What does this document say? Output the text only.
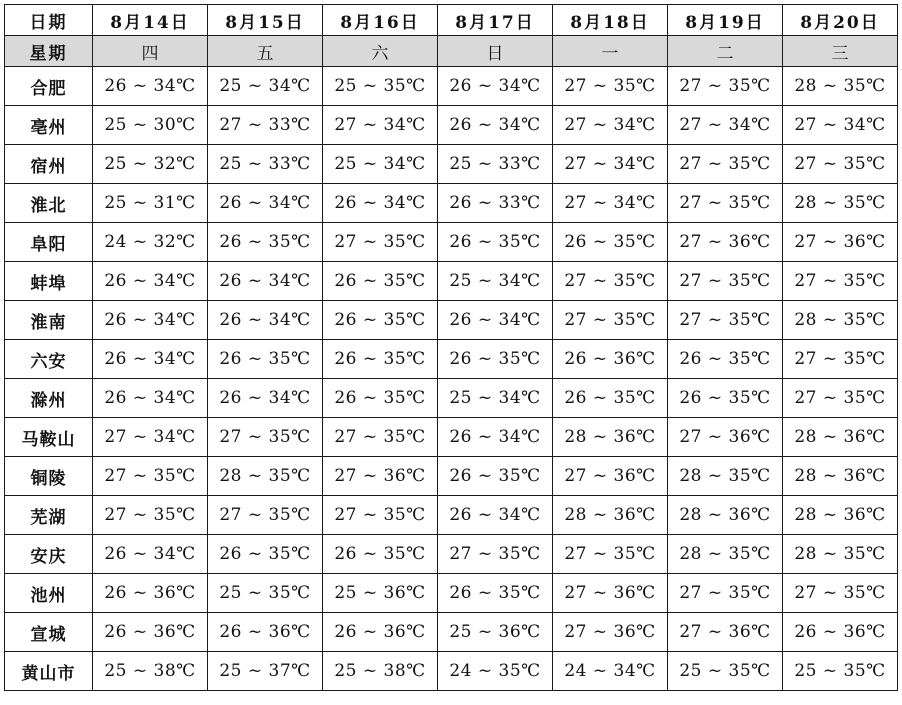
日期	8月14日	8月15日	8月16日	8月17日	8月18日	8月19日	8月20日
星期	四	五	六	日	一	二	三
合肥	26 ~ 34℃	25 ~ 34℃	25 ~ 35℃	26 ~ 34℃	27 ~ 35℃	27 ~ 35℃	28 ~ 35℃
亳州	25 ~ 30℃	27 ~ 33℃	27 ~ 34℃	26 ~ 34℃	27 ~ 34℃	27 ~ 34℃	27 ~ 34℃
宿州	25 ~ 32℃	25 ~ 33℃	25 ~ 34℃	25 ~ 33℃	27 ~ 34℃	27 ~ 35℃	27 ~ 35℃
淮北	25 ~ 31℃	26 ~ 34℃	26 ~ 34℃	26 ~ 33℃	27 ~ 34℃	27 ~ 35℃	28 ~ 35℃
阜阳	24 ~ 32℃	26 ~ 35℃	27 ~ 35℃	26 ~ 35℃	26 ~ 35℃	27 ~ 36℃	27 ~ 36℃
蚌埠	26 ~ 34℃	26 ~ 34℃	26 ~ 35℃	25 ~ 34℃	27 ~ 35℃	27 ~ 35℃	27 ~ 35℃
淮南	26 ~ 34℃	26 ~ 34℃	26 ~ 35℃	26 ~ 34℃	27 ~ 35℃	27 ~ 35℃	28 ~ 35℃
六安	26 ~ 34℃	26 ~ 35℃	26 ~ 35℃	26 ~ 35℃	26 ~ 36℃	26 ~ 35℃	27 ~ 35℃
滁州	26 ~ 34℃	26 ~ 34℃	26 ~ 35℃	25 ~ 34℃	26 ~ 35℃	26 ~ 35℃	27 ~ 35℃
马鞍山	27 ~ 34℃	27 ~ 35℃	27 ~ 35℃	26 ~ 34℃	28 ~ 36℃	27 ~ 36℃	28 ~ 36℃
铜陵	27 ~ 35℃	28 ~ 35℃	27 ~ 36℃	26 ~ 35℃	27 ~ 36℃	28 ~ 35℃	28 ~ 36℃
芜湖	27 ~ 35℃	27 ~ 35℃	27 ~ 35℃	26 ~ 34℃	28 ~ 36℃	28 ~ 36℃	28 ~ 36℃
安庆	26 ~ 34℃	26 ~ 35℃	26 ~ 35℃	27 ~ 35℃	27 ~ 35℃	28 ~ 35℃	28 ~ 35℃
池州	26 ~ 36℃	25 ~ 35℃	25 ~ 36℃	26 ~ 35℃	27 ~ 36℃	27 ~ 35℃	27 ~ 35℃
宣城	26 ~ 36℃	26 ~ 36℃	26 ~ 36℃	25 ~ 36℃	27 ~ 36℃	27 ~ 36℃	26 ~ 36℃
黄山市	25 ~ 38℃	25 ~ 37℃	25 ~ 38℃	24 ~ 35℃	24 ~ 34℃	25 ~ 35℃	25 ~ 35℃
